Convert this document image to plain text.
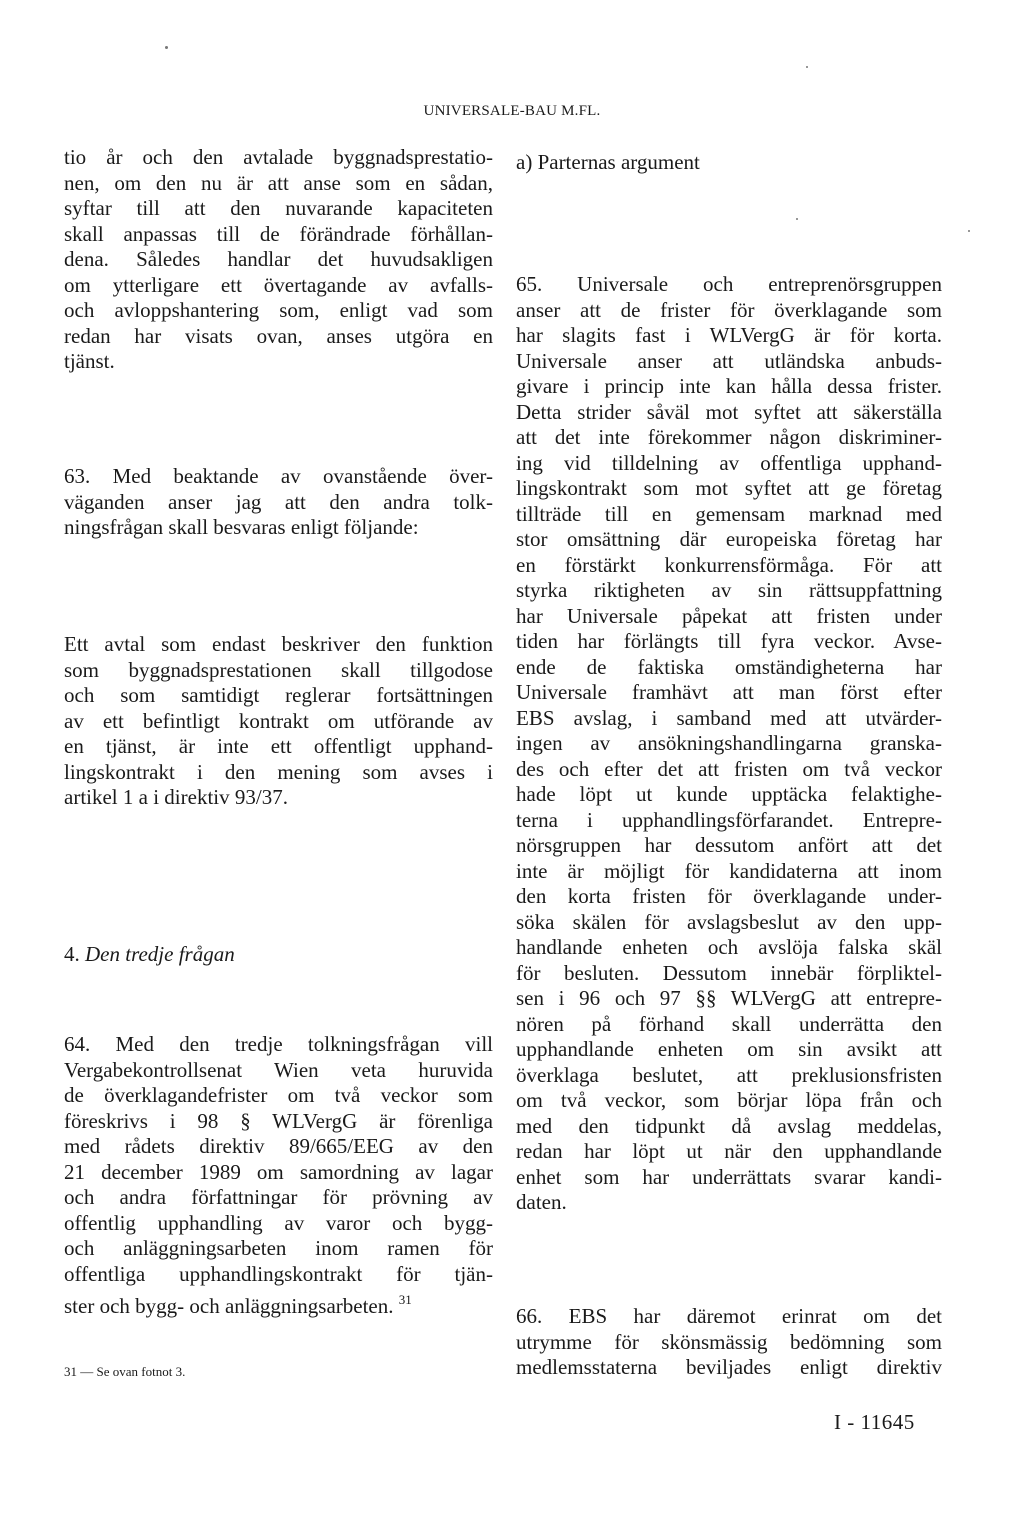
UNIVERSALE-BAU M.FL.
tio år och den avtalade byggnadsprestatio-
nen, om den nu är att anse som en sådan,
syftar till att den nuvarande kapaciteten
skall anpassas till de förändrade förhållan-
dena. Således handlar det huvudsakligen
om ytterligare ett övertagande av avfalls-
och avloppshantering som, enligt vad som
redan har visats ovan, anses utgöra en
tjänst.
63. Med beaktande av ovanstående över-
väganden anser jag att den andra tolk-
ningsfrågan skall besvaras enligt följande:
Ett avtal som endast beskriver den funktion
som byggnadsprestationen skall tillgodose
och som samtidigt reglerar fortsättningen
av ett befintligt kontrakt om utförande av
en tjänst, är inte ett offentligt upphand-
lingskontrakt i den mening som avses i
artikel 1 a i direktiv 93/37.
4. Den tredje frågan
64. Med den tredje tolkningsfrågan vill
Vergabekontrollsenat Wien veta huruvida
de överklagandefrister om två veckor som
föreskrivs i 98 § WLVergG är förenliga
med rådets direktiv 89/665/EEG av den
21 december 1989 om samordning av lagar
och andra författningar för prövning av
offentlig upphandling av varor och bygg-
och anläggningsarbeten inom ramen för
offentliga upphandlingskontrakt för tjän-
ster och bygg- och anläggningsarbeten. $^{31}$
31 — Se ovan fotnot 3.
a) Parternas argument
65. Universale och entreprenörsgruppen
anser att de frister för överklagande som
har slagits fast i WLVergG är för korta.
Universale anser att utländska anbuds-
givare i princip inte kan hålla dessa frister.
Detta strider såväl mot syftet att säkerställa
att det inte förekommer någon diskriminer-
ing vid tilldelning av offentliga upphand-
lingskontrakt som mot syftet att ge företag
tillträde till en gemensam marknad med
stor omsättning där europeiska företag har
en förstärkt konkurrensförmåga. För att
styrka riktigheten av sin rättsuppfattning
har Universale påpekat att fristen under
tiden har förlängts till fyra veckor. Avse-
ende de faktiska omständigheterna har
Universale framhävt att man först efter
EBS avslag, i samband med att utvärder-
ingen av ansökningshandlingarna granska-
des och efter det att fristen om två veckor
hade löpt ut kunde upptäcka felaktighe-
terna i upphandlingsförfarandet. Entrepre-
nörsgruppen har dessutom anfört att det
inte är möjligt för kandidaterna att inom
den korta fristen för överklagande under-
söka skälen för avslagsbeslut av den upp-
handlande enheten och avslöja falska skäl
för besluten. Dessutom innebär förpliktel-
sen i 96 och 97 §§ WLVergG att entrepre-
nören på förhand skall underrätta den
upphandlande enheten om sin avsikt att
överklaga beslutet, att preklusionsfristen
om två veckor, som börjar löpa från och
med den tidpunkt då avslag meddelas,
redan har löpt ut när den upphandlande
enhet som har underrättats svarar kandi-
daten.
66. EBS har däremot erinrat om det
utrymme för skönsmässig bedömning som
medlemsstaterna beviljades enligt direktiv
I - 11645
